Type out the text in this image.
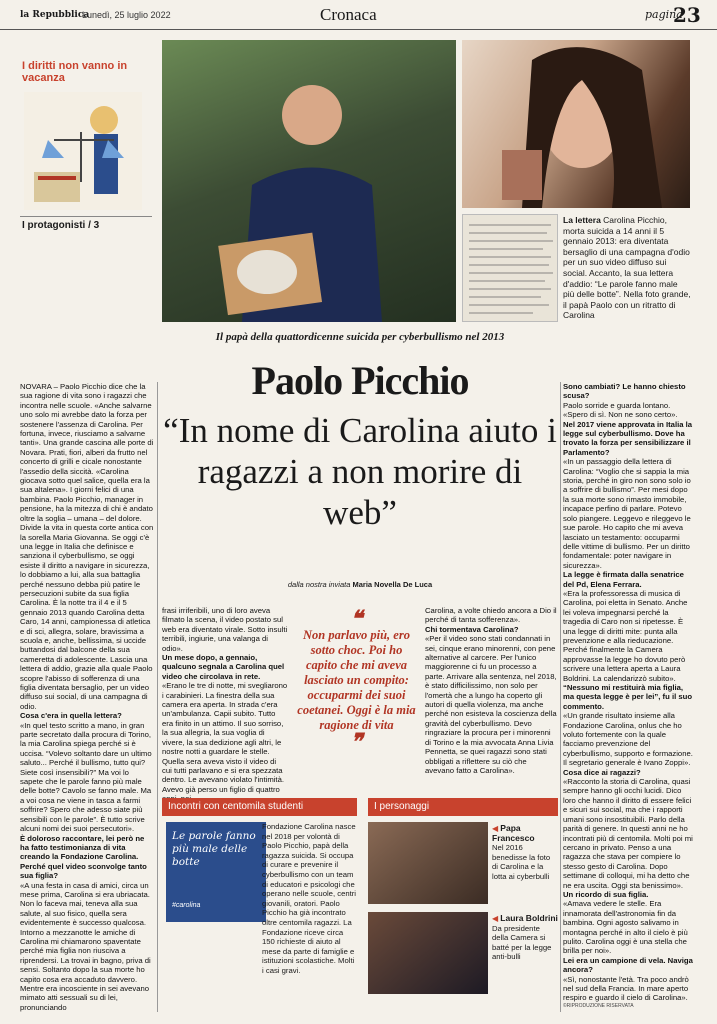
la Repubblica
Lunedì, 25 luglio 2022	Cronaca	pagina
23
I diritti non vanno in vacanza
I protagonisti / 3	La lettera Carolina Picchio, morta suicida a 14 anni il 5 gennaio 2013: era diventata bersaglio di una campagna d'odio per un suo video diffuso sui social. Accanto, la sua lettera d'addio: “Le parole fanno male più delle botte”. Nella foto grande, il papà Paolo con un ritratto di Carolina
Il papà della quattordicenne suicida per cyberbullismo nel 2013
Paolo Picchio
“In nome di Carolina aiuto i ragazzi a non morire di web”
dalla nostra inviata Maria Novella De Luca

NOVARA – Paolo Picchio dice che la sua ragione di vita sono i ragazzi che incontra nelle scuole. «Anche salvarne uno solo mi avrebbe dato la forza per sostenere l'assenza di Carolina. Per fortuna, invece, riusciamo a salvarne tanti». Una grande cascina alle porte di Novara. Prati, fiori, alberi da frutto nel concerto di grilli e cicale nonostante l'assedio della siccità. «Carolina giocava sotto quel salice, quella era la sua altalena». I giorni felici di una bambina. Paolo Picchio, manager in pensione, ha la mitezza di chi è andato oltre la soglia – umana – del dolore. Divide la vita in questa corte antica con la sorella Maria Giovanna. Se oggi c'è una legge in Italia che definisce e sanziona il cyberbullismo, se oggi esiste il diritto a navigare in sicurezza, lo dobbiamo a lui, alla sua battaglia perché nessuno debba più patire le persecuzioni subite da sua figlia Carolina. È la notte tra il 4 e il 5 gennaio 2013 quando Carolina detta Caro, 14 anni, campionessa di atletica e di sci, allegra, solare, bravissima a scuola e, anche, bellissima, si uccide buttandosi dal balcone della sua cameretta di adolescente. Lascia una lettera di addio, grazie alla quale Paolo scopre l'abisso di sofferenza di una figlia diventata bersaglio, per un video diffuso sui social, di una campagna di odio.

Cosa c'era in quella lettera?

«In quel testo scritto a mano, in gran parte secretato dalla procura di Torino, la mia Carolina spiega perché si è uccisa. “Volevo soltanto dare un ultimo saluto... Perché il bullismo, tutto qui? Siete così insensibili?” Ma voi lo sapete che le parole fanno più male delle botte? Cavolo se fanno male. Ma a voi cosa ne viene in tasca a farmi soffrire? Spero che adesso siate più sensibili con le parole”. È tutto scrive alcuni nomi dei suoi persecutori».

È doloroso raccontare, lei però ne ha fatto testimonianza di vita creando la Fondazione Carolina. Perché quel video sconvolge tanto sua figlia?

«A una festa in casa di amici, circa un mese prima, Carolina si era ubriacata. Non lo faceva mai, teneva alla sua salute, al suo fisico, quella sera evidentemente è successo qualcosa. Intorno a mezzanotte le amiche di Carolina mi chiamarono spaventate perché mia figlia non riusciva a riprendersi. La trovai in bagno, priva di sensi. Soltanto dopo la sua morte ho capito cosa era accaduto davvero. Mentre era incosciente in sei avevano mimato atti sessuali su di lei, pronunciando

frasi irriferibili, uno di loro aveva filmato la scena, il video postato sul web era diventato virale. Sotto insulti terribili, ingiurie, una valanga di odio».

Un mese dopo, a gennaio, qualcuno segnala a Carolina quel video che circolava in rete.

«Erano le tre di notte, mi svegliarono i carabinieri. La finestra della sua camera era aperta. In strada c'era un'ambulanza. Capii subito. Tutto era finito in un attimo. Il suo sorriso, la sua allegria, la sua voglia di vivere, la sua dedizione agli altri, le nostre notti a guardare le stelle. Quella sera aveva visto il video di cui tutti parlavano e si era spezzata dentro. Le avevano violato l'intimità. Avevo già perso un figlio di quattro

❝
Non parlavo più, ero sotto choc. Poi ho capito che mi aveva lasciato un compito: occuparmi dei suoi coetanei. Oggi è la mia ragione di vita
❞

Carolina, a volte chiedo ancora a Dio il perché di tanta sofferenza».

Chi tormentava Carolina?

«Per il video sono stati condannati in sei, cinque erano minorenni, con pene alternative al carcere. Per l'unico maggiorenne ci fu un processo a parte. Arrivare alla sentenza, nel 2018, è stato difficilissimo, non solo per l'omertà che a lungo ha coperto gli autori di quella violenza, ma anche perché non esisteva la coscienza della gravità del cyberbullismo. Devo ringraziare la procura per i minorenni di Torino e la mia avvocata Anna Livia Pennetta, se quei ragazzi sono stati obbligati a riflettere su ciò che avevano fatto a Carolina».

Sono cambiati? Le hanno chiesto scusa?

Paolo sorride e guarda lontano. «Spero di sì. Non ne sono certo».

Nel 2017 viene approvata in Italia la legge sul cyberbullismo. Dove ha trovato la forza per sensibilizzare il Parlamento?

«In un passaggio della lettera di Carolina: “Voglio che si sappia la mia storia, perché in giro non sono solo io a soffrire di bullismo”. Per mesi dopo la sua morte sono rimasto immobile, incapace perfino di parlare. Potevo solo piangere. Leggevo e rileggevo le sue parole. Ho capito che mi aveva lasciato un testamento: occuparmi delle vittime di bullismo. Per un diritto fondamentale: poter navigare in sicurezza».

La legge è firmata dalla senatrice del Pd, Elena Ferrara.

«Era la professoressa di musica di Carolina, poi eletta in Senato. Anche lei voleva impegnarsi perché la tragedia di Caro non si ripetesse. È una legge di diritti mite: punta alla prevenzione e alla rieducazione. Perché finalmente la Camera approvasse la legge ho dovuto però scrivere una lettera aperta a Laura Boldrini. La calendarizzò subito».

“Nessuno mi restituirà mia figlia, ma questa legge è per lei”, fu il suo commento.

«Un grande risultato insieme alla Fondazione Carolina, onlus che ho voluto fortemente con la quale facciamo prevenzione del cyberbullismo, supporto e formazione. Il segretario generale è Ivano Zoppi».

Cosa dice ai ragazzi?

«Racconto la storia di Carolina, quasi sempre hanno gli occhi lucidi. Dico loro che hanno il diritto di essere felici e sicuri sui social, ma che i rapporti umani sono insostituibili. Parlo della parità di genere. In questi anni ne ho incontrati più di centomila. Molti poi mi cercano in privato. Penso a una ragazza che stava per compiere lo stesso gesto di Carolina. Dopo settimane di colloqui, mi ha detto che ne era uscita. Oggi sta benissimo».

Un ricordo di sua figlia.

«Amava vedere le stelle. Era innamorata dell'astronomia fin da bambina. Ogni agosto salivamo in montagna perché in alto il cielo è più pulito. Carolina oggi è una stella che brilla per noi».

Lei era un campione di vela. Naviga ancora?

«Sì, nonostante l'età. Tra poco andrò nel sud della Francia. In mare aperto respiro e guardo il cielo di Carolina».

Incontri con centomila studenti
Le parole fanno più male delle botte
#carolina
Fondazione Carolina nasce nel 2018 per volontà di Paolo Picchio, papà della ragazza suicida. Si occupa di curare e prevenire il cyberbullismo con un team di educatori e psicologi che operano nelle scuole, centri giovanili, oratori. Paolo Picchio ha già incontrato oltre centomila ragazzi. La Fondazione riceve circa 150 richieste di aiuto al mese da parte di famiglie e istituzioni scolastiche. Molti i casi gravi.
I personaggi
◀ Papa Francesco
Nel 2016 benedisse la foto di Carolina e la lotta ai cyberbulli
◀ Laura Boldrini
Da presidente della Camera si batté per la legge anti-bulli
©RIPRODUZIONE RISERVATA
